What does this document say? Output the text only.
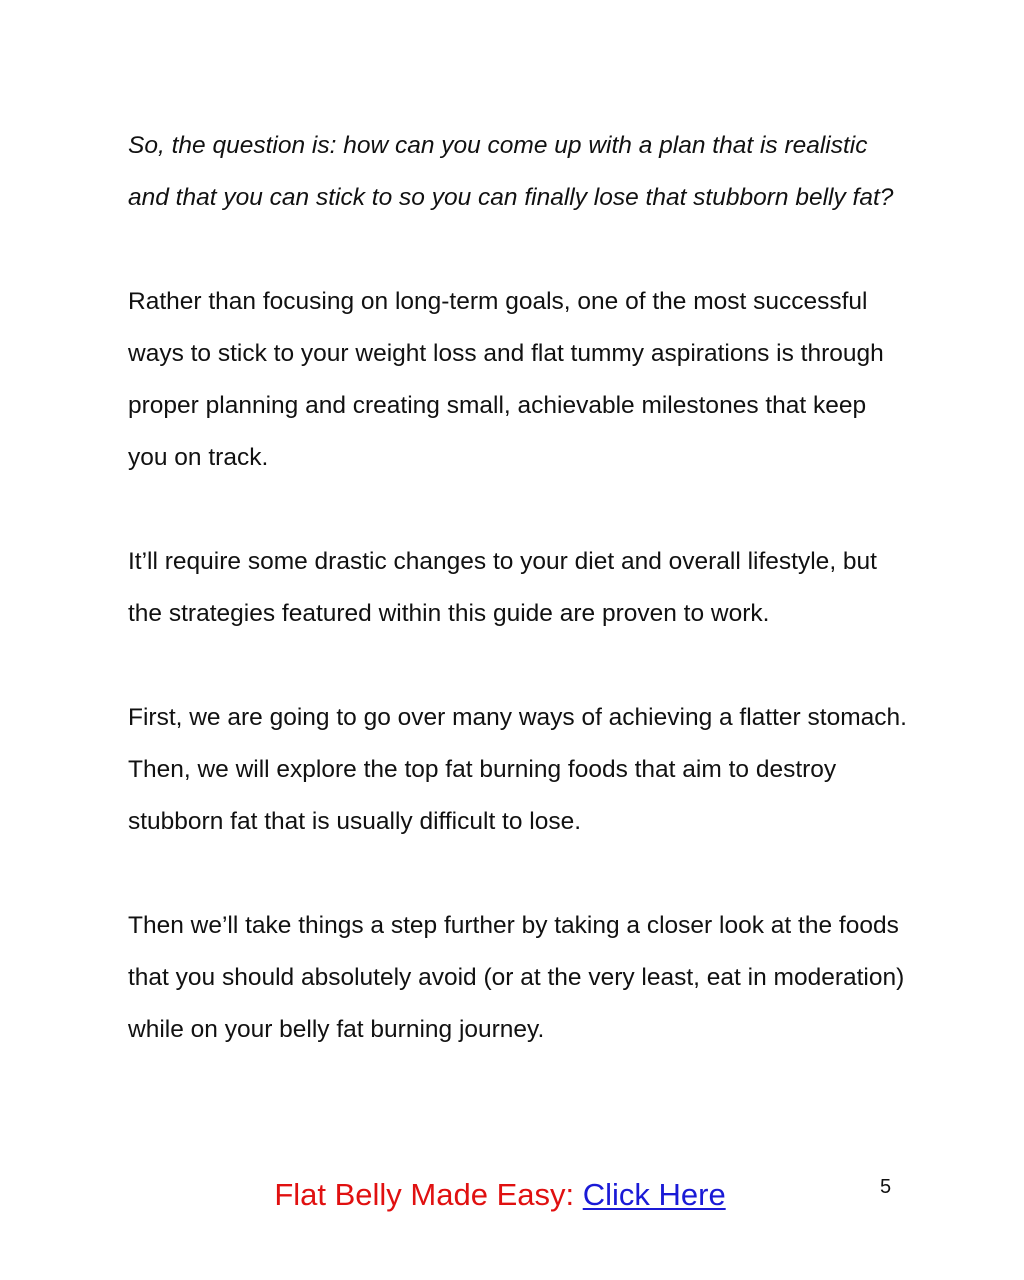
So, the question is: how can you come up with a plan that is realistic and that you can stick to so you can finally lose that stubborn belly fat?

Rather than focusing on long-term goals, one of the most successful ways to stick to your weight loss and flat tummy aspirations is through proper planning and creating small, achievable milestones that keep you on track.

It’ll require some drastic changes to your diet and overall lifestyle, but the strategies featured within this guide are proven to work.

First, we are going to go over many ways of achieving a flatter stomach. Then, we will explore the top fat burning foods that aim to destroy stubborn fat that is usually difficult to lose.

Then we’ll take things a step further by taking a closer look at the foods that you should absolutely avoid (or at the very least, eat in moderation) while on your belly fat burning journey.

Flat Belly Made Easy: Click Here	5
